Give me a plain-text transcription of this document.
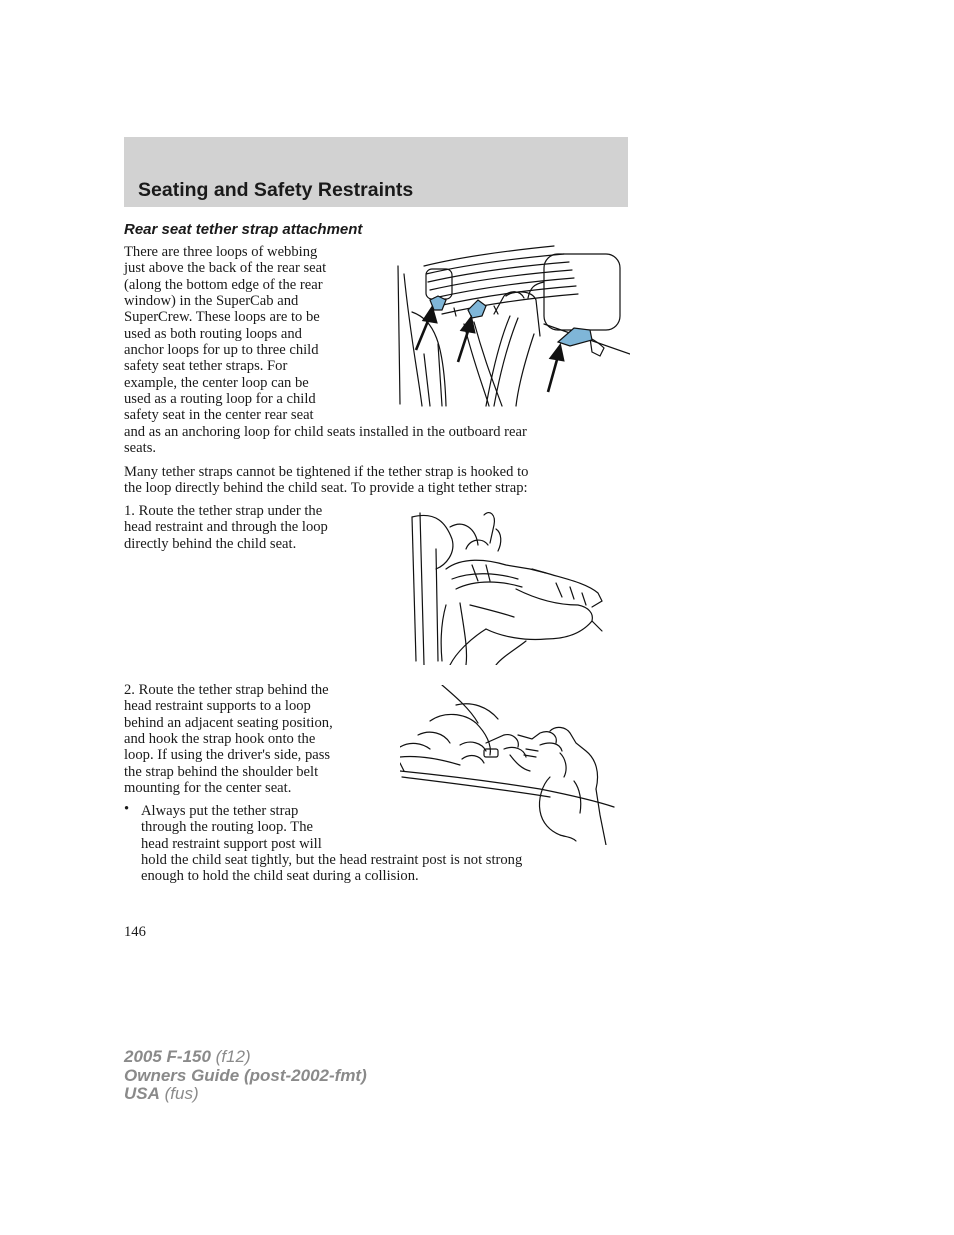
Seating and Safety Restraints
Rear seat tether strap attachment

There are three loops of webbing
just above the back of the rear seat
(along the bottom edge of the rear
window) in the SuperCab and
SuperCrew. These loops are to be
used as both routing loops and
anchor loops for up to three child
safety seat tether straps. For
example, the center loop can be
used as a routing loop for a child
safety seat in the center rear seat

and as an anchoring loop for child seats installed in the outboard rear
seats.

Many tether straps cannot be tightened if the tether strap is hooked to
the loop directly behind the child seat. To provide a tight tether strap:

1. Route the tether strap under the
head restraint and through the loop
directly behind the child seat.

2. Route the tether strap behind the
head restraint supports to a loop
behind an adjacent seating position,
and hook the strap hook onto the
loop. If using the driver's side, pass
the strap behind the shoulder belt
mounting for the center seat.

• Always put the tether strap
through the routing loop. The
head restraint support post will

hold the child seat tightly, but the head restraint post is not strong
enough to hold the child seat during a collision.

146
2005 F-150 (f12)
Owners Guide (post-2002-fmt)
USA (fus)
